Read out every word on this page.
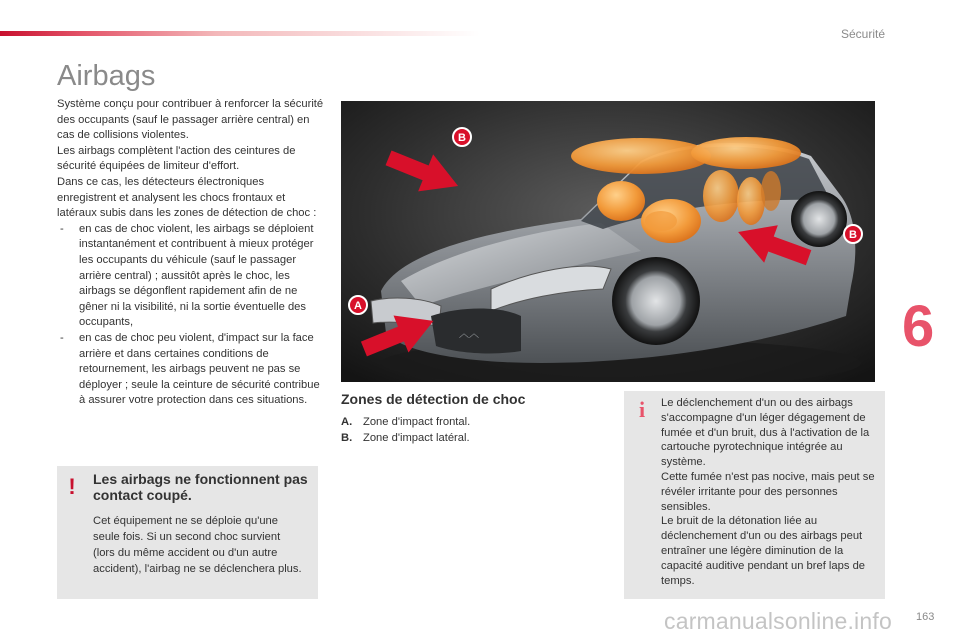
Sécurité
6
Airbags

Système conçu pour contribuer à renforcer la sécurité des occupants (sauf le passager arrière central) en cas de collisions violentes.

Les airbags complètent l'action des ceintures de sécurité équipées de limiteur d'effort.

Dans ce cas, les détecteurs électroniques enregistrent et analysent les chocs frontaux et latéraux subis dans les zones de détection de choc :

- en cas de choc violent, les airbags se déploient instantanément et contribuent à mieux protéger les occupants du véhicule (sauf le passager arrière central) ; aussitôt après le choc, les airbags se dégonflent rapidement afin de ne gêner ni la visibilité, ni la sortie éventuelle des occupants,
- en cas de choc peu violent, d'impact sur la face arrière et dans certaines conditions de retournement, les airbags peuvent ne pas se déployer ; seule la ceinture de sécurité contribue à assurer votre protection dans ces situations.
︿︿
B
B
A
Zones de détection de choc
A. Zone d'impact frontal.
B. Zone d'impact latéral.
! Les airbags ne fonctionnent pas contact coupé.
Cet équipement ne se déploie qu'une seule fois. Si un second choc survient (lors du même accident ou d'un autre accident), l'airbag ne se déclenchera plus.
i	Le déclenchement d'un ou des airbags s'accompagne d'un léger dégagement de fumée et d'un bruit, dus à l'activation de la cartouche pyrotechnique intégrée au système.
Cette fumée n'est pas nocive, mais peut se révéler irritante pour des personnes sensibles.
Le bruit de la détonation liée au déclenchement d'un ou des airbags peut entraîner une légère diminution de la capacité auditive pendant un bref laps de temps.
carmanualsonline.info 163
